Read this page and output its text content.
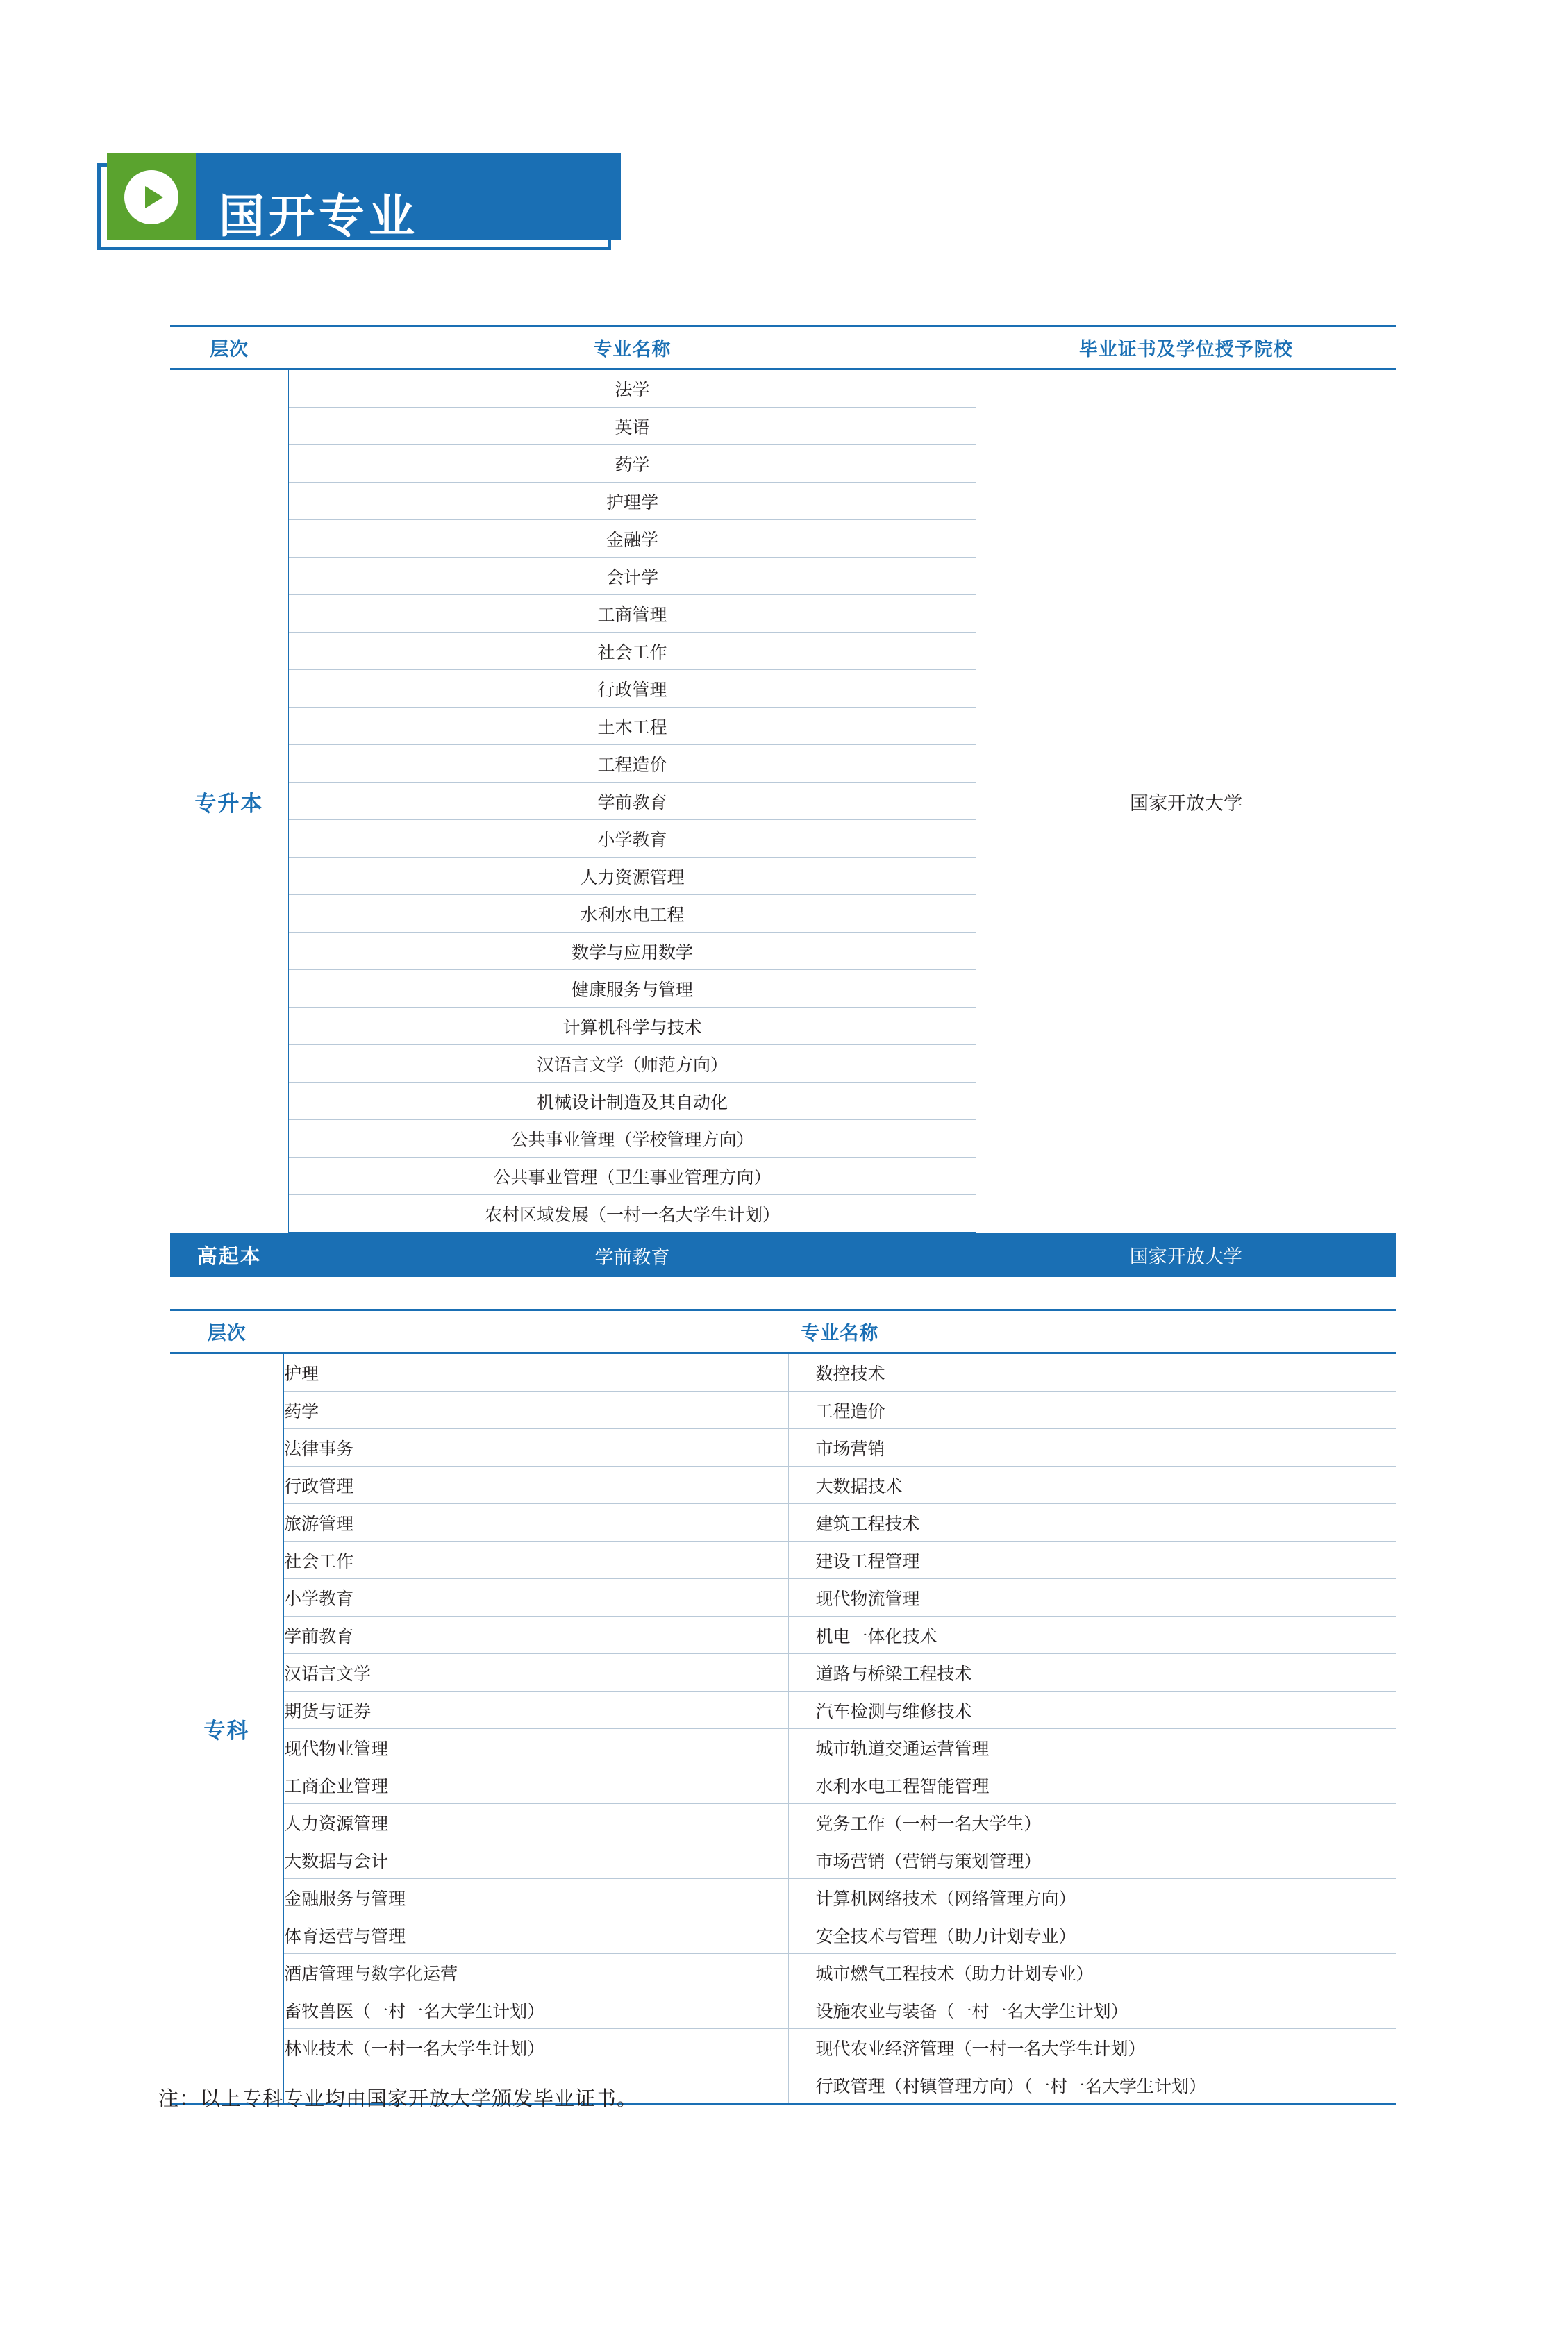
国开专业
层次	专业名称	毕业证书及学位授予院校
专升本	法学	国家开放大学
	英语	
	药学	
	护理学	
	金融学	
	会计学	
	工商管理	
	社会工作	
	行政管理	
	土木工程	
	工程造价	
	学前教育	
	小学教育	
	人力资源管理	
	水利水电工程	
	数学与应用数学	
	健康服务与管理	
	计算机科学与技术	
	汉语言文学（师范方向）	
	机械设计制造及其自动化	
	公共事业管理（学校管理方向）	
	公共事业管理（卫生事业管理方向）	
	农村区域发展（一村一名大学生计划）	
高起本	学前教育	国家开放大学
层次	专业名称	
专科	护理	数控技术
	药学	工程造价
	法律事务	市场营销
	行政管理	大数据技术
	旅游管理	建筑工程技术
	社会工作	建设工程管理
	小学教育	现代物流管理
	学前教育	机电一体化技术
	汉语言文学	道路与桥梁工程技术
	期货与证券	汽车检测与维修技术
	现代物业管理	城市轨道交通运营管理
	工商企业管理	水利水电工程智能管理
	人力资源管理	党务工作（一村一名大学生）
	大数据与会计	市场营销（营销与策划管理）
	金融服务与管理	计算机网络技术（网络管理方向）
	体育运营与管理	安全技术与管理（助力计划专业）
	酒店管理与数字化运营	城市燃气工程技术（助力计划专业）
	畜牧兽医（一村一名大学生计划）	设施农业与装备（一村一名大学生计划）
	林业技术（一村一名大学生计划）	现代农业经济管理（一村一名大学生计划）
		行政管理（村镇管理方向）（一村一名大学生计划）
注：以上专科专业均由国家开放大学颁发毕业证书。
